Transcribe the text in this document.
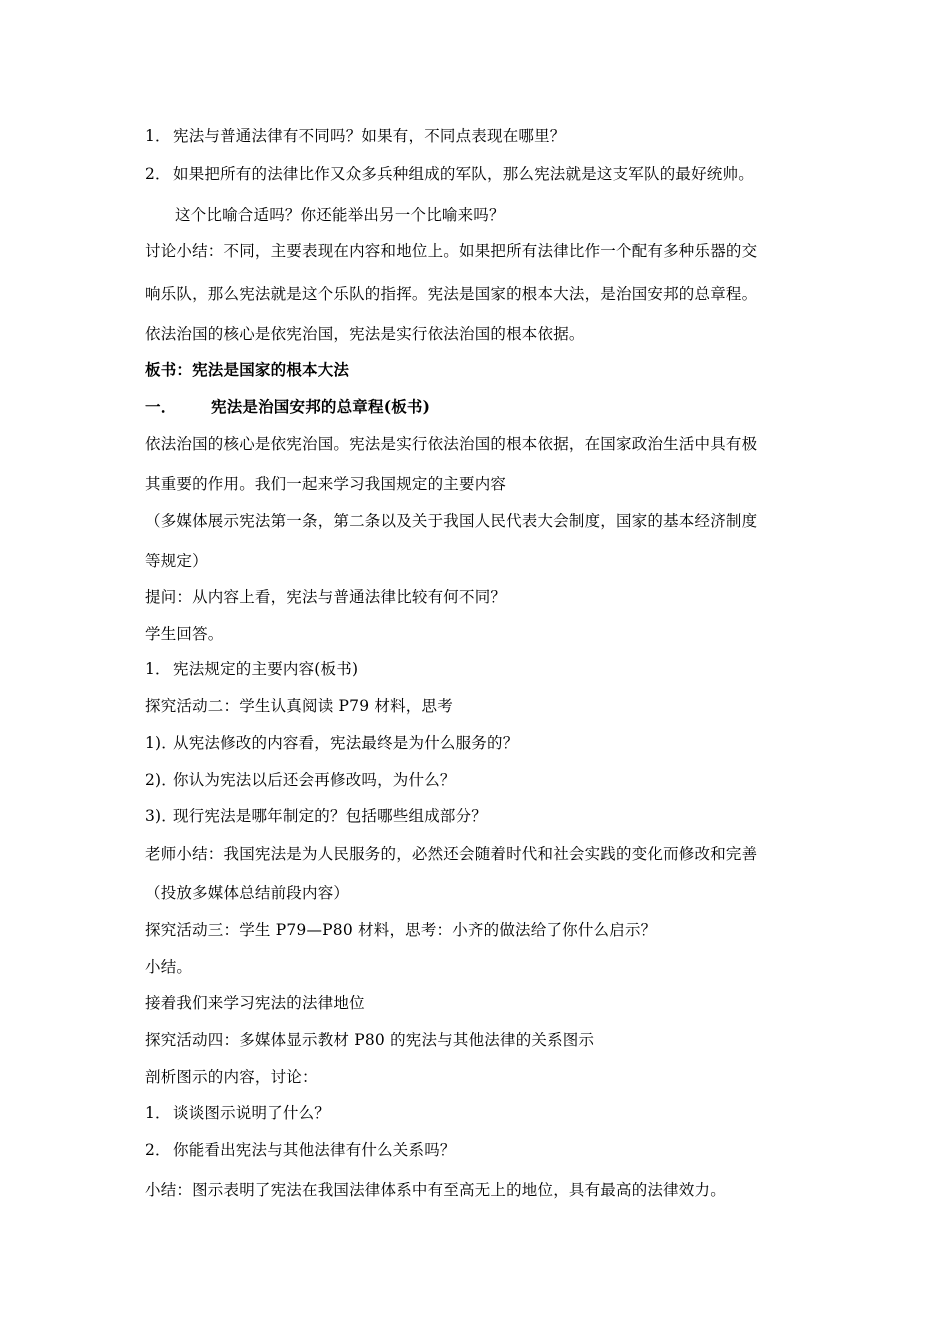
1． 宪法与普通法律有不同吗？如果有，不同点表现在哪里？
2． 如果把所有的法律比作又众多兵种组成的军队，那么宪法就是这支军队的最好统帅。
这个比喻合适吗？你还能举出另一个比喻来吗？
讨论小结：不同，主要表现在内容和地位上。如果把所有法律比作一个配有多种乐器的交
响乐队，那么宪法就是这个乐队的指挥。宪法是国家的根本大法，是治国安邦的总章程。
依法治国的核心是依宪治国，宪法是实行依法治国的根本依据。
板书：宪法是国家的根本大法
一． 宪法是治国安邦的总章程(板书)
依法治国的核心是依宪治国。宪法是实行依法治国的根本依据，在国家政治生活中具有极
其重要的作用。我们一起来学习我国规定的主要内容
（多媒体展示宪法第一条，第二条以及关于我国人民代表大会制度，国家的基本经济制度
等规定）
提问：从内容上看，宪法与普通法律比较有何不同？
学生回答。
1． 宪法规定的主要内容(板书)
探究活动二：学生认真阅读 P79 材料，思考
1)．从宪法修改的内容看，宪法最终是为什么服务的？
2)．你认为宪法以后还会再修改吗，为什么？
3)．现行宪法是哪年制定的？包括哪些组成部分？
老师小结：我国宪法是为人民服务的，必然还会随着时代和社会实践的变化而修改和完善
（投放多媒体总结前段内容）
探究活动三：学生 P79—P80 材料，思考：小齐的做法给了你什么启示？
小结。
接着我们来学习宪法的法律地位
探究活动四：多媒体显示教材 P80 的宪法与其他法律的关系图示
剖析图示的内容，讨论：
1． 谈谈图示说明了什么？
2． 你能看出宪法与其他法律有什么关系吗？
小结：图示表明了宪法在我国法律体系中有至高无上的地位，具有最高的法律效力。
